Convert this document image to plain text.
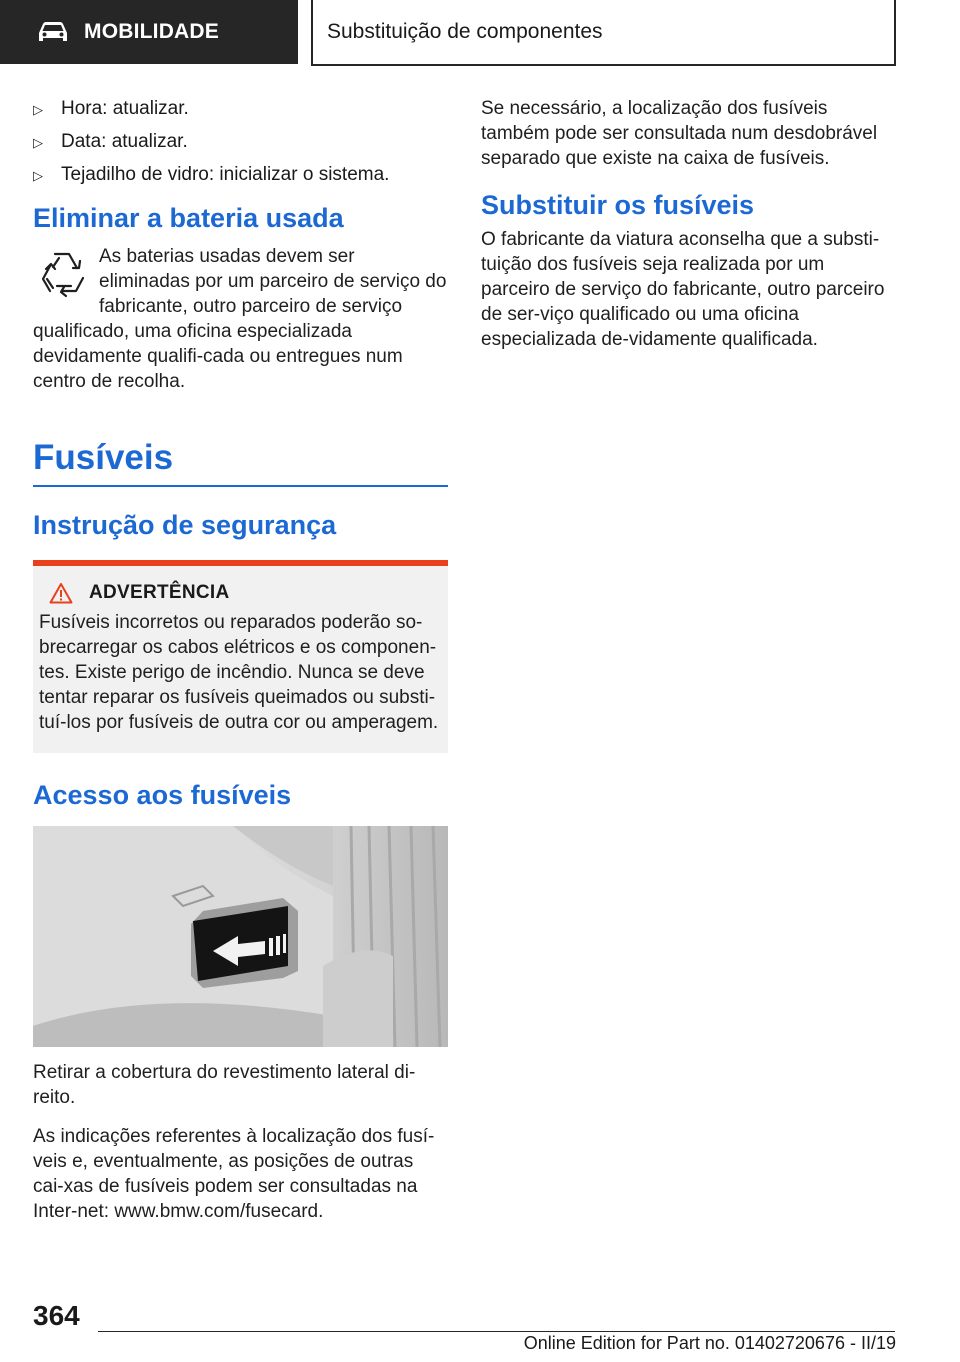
MOBILIDADE	Substituição de componentes
▷ Hora: atualizar.
▷ Data: atualizar.
▷ Tejadilho de vidro: inicializar o sistema.
Eliminar a bateria usada

As baterias usadas devem ser eliminadas por um parceiro de serviço do fabricante, outro parceiro de serviço qualificado, uma oficina especializada devidamente qualifi-cada ou entregues num centro de recolha.

Fusíveis
Instrução de segurança
ADVERTÊNCIA

Fusíveis incorretos ou reparados poderão so-brecarregar os cabos elétricos e os componen-tes. Existe perigo de incêndio. Nunca se deve tentar reparar os fusíveis queimados ou substi-tuí-los por fusíveis de outra cor ou amperagem.

Acesso aos fusíveis

Retirar a cobertura do revestimento lateral di-reito.

As indicações referentes à localização dos fusí-veis e, eventualmente, as posições de outras cai-xas de fusíveis podem ser consultadas na Inter-net: www.bmw.com/fusecard.

Se necessário, a localização dos fusíveis também pode ser consultada num desdobrável separado que existe na caixa de fusíveis.

Substituir os fusíveis

O fabricante da viatura aconselha que a substi-tuição dos fusíveis seja realizada por um parceiro de serviço do fabricante, outro parceiro de ser-viço qualificado ou uma oficina especializada de-vidamente qualificada.

364
Online Edition for Part no. 01402720676 - II/19
